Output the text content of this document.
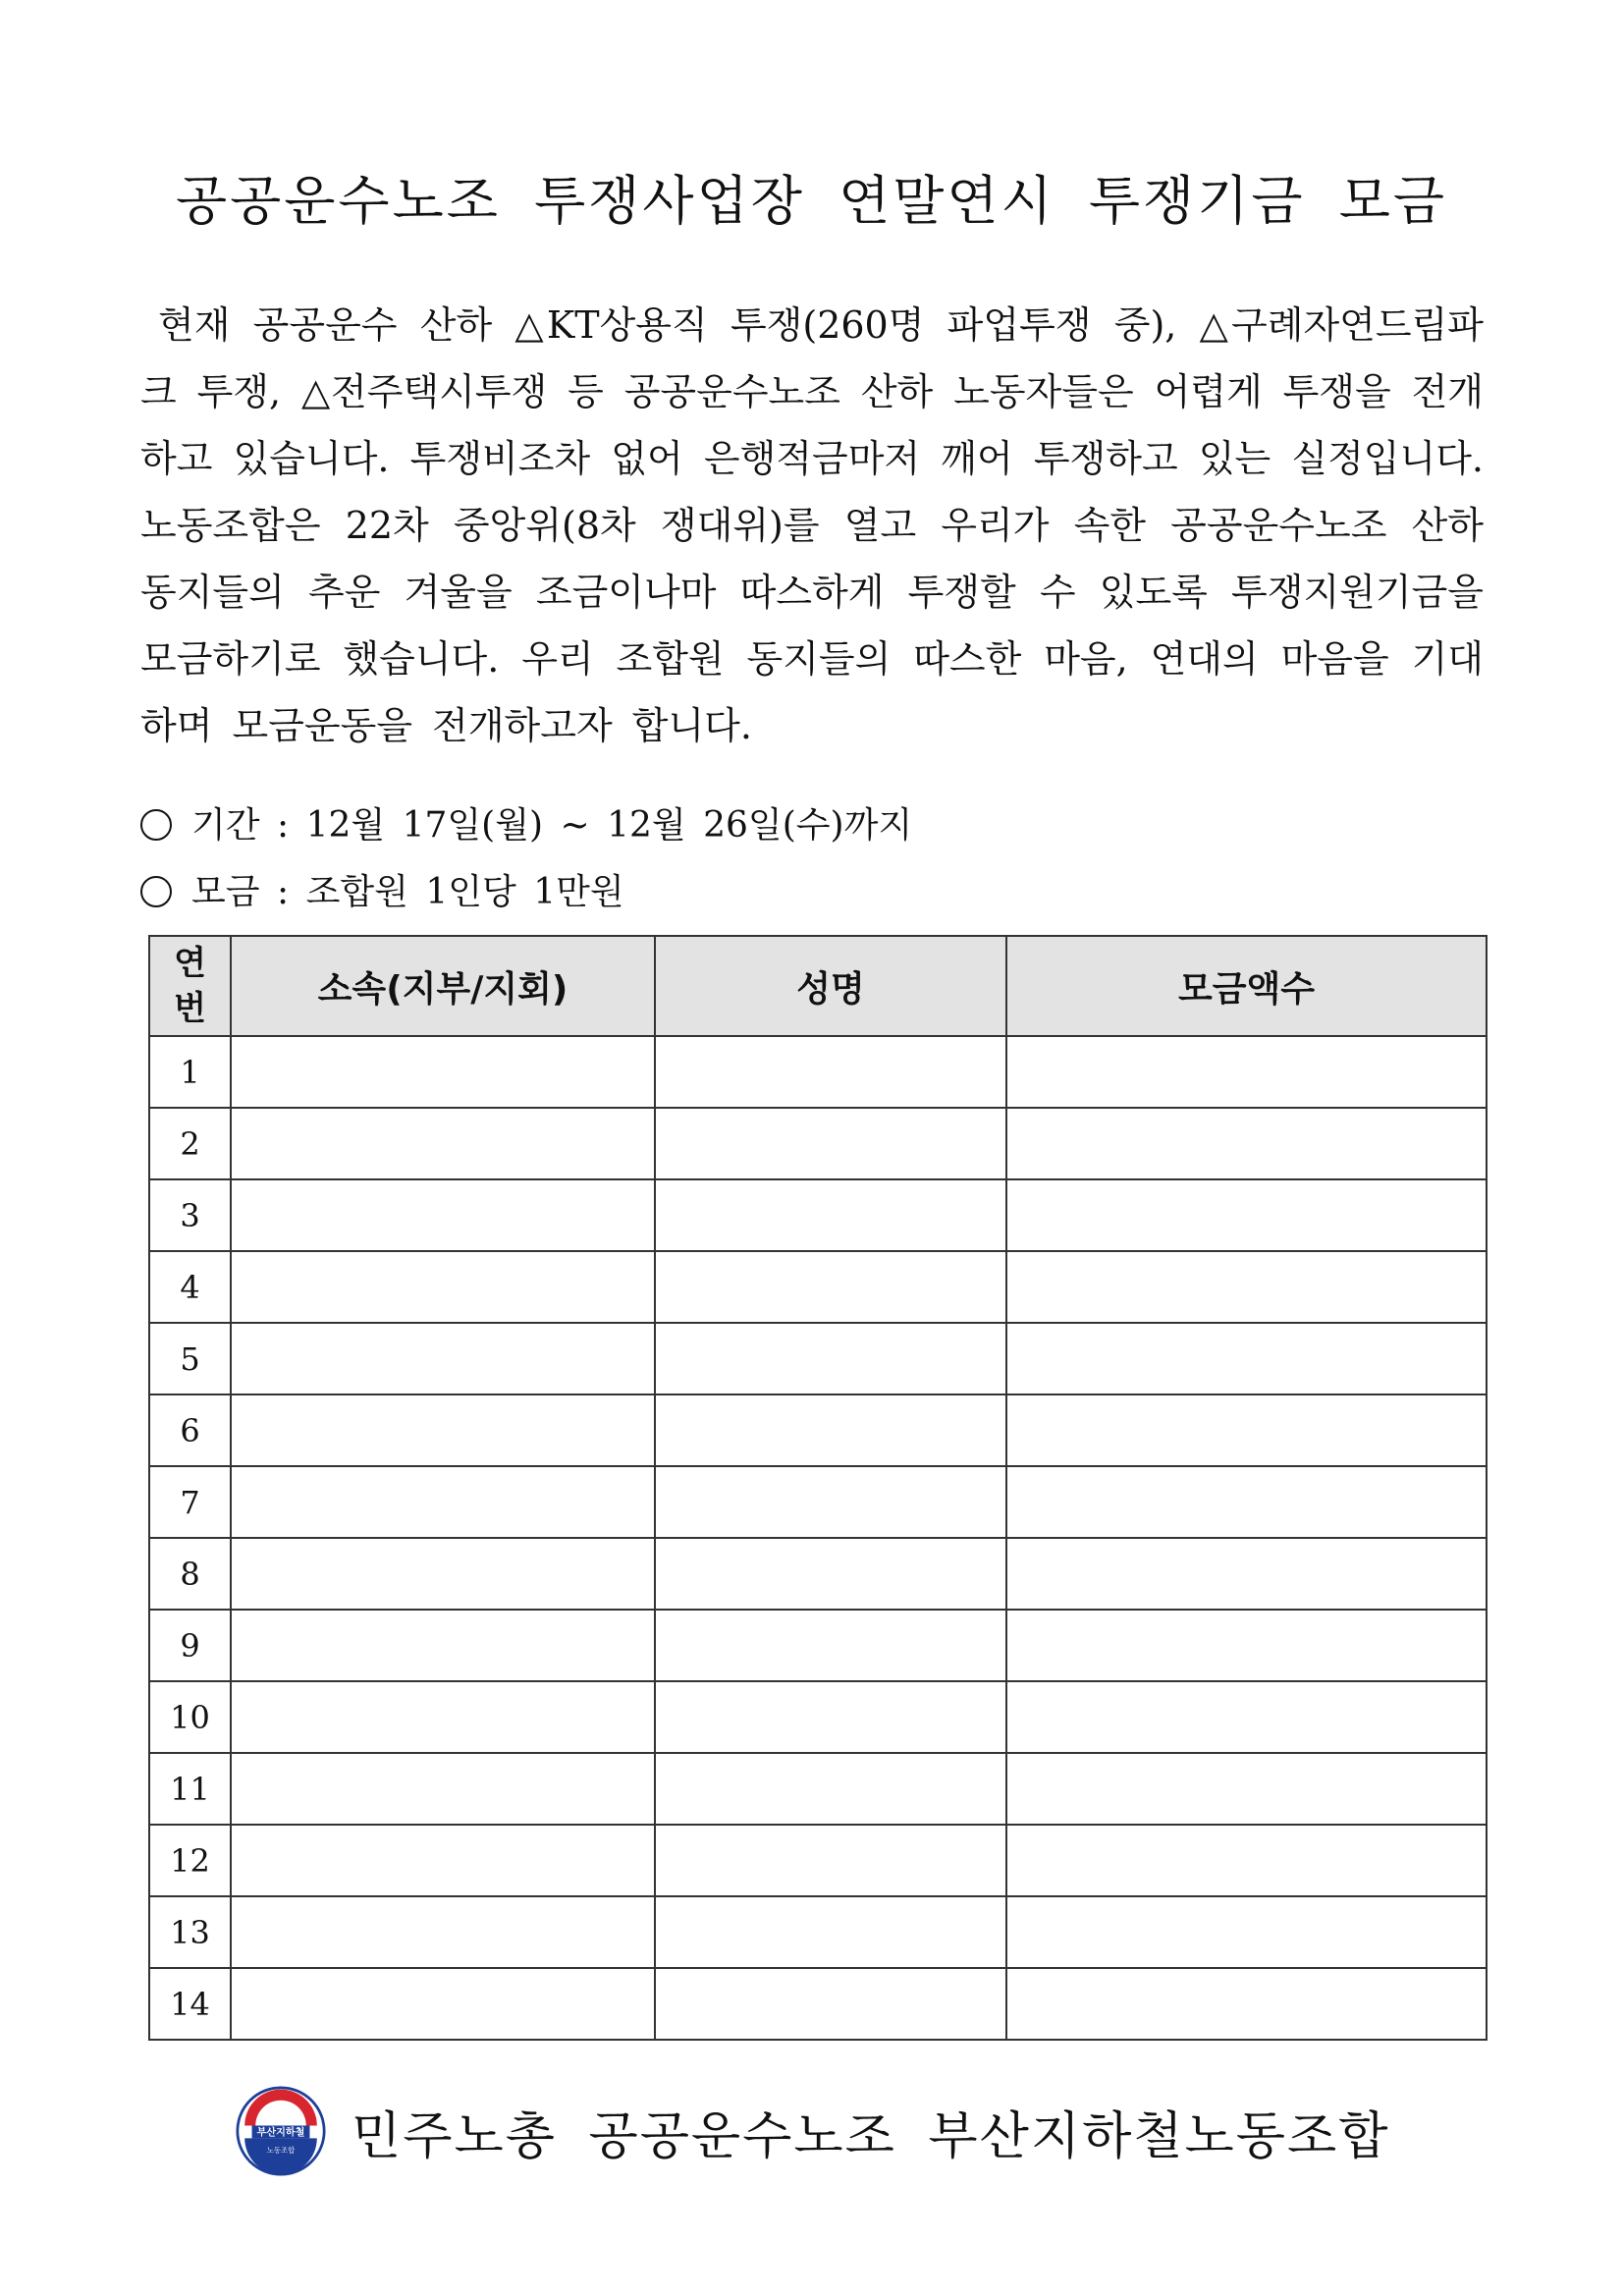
공공운수노조 투쟁사업장 연말연시 투쟁기금 모금

현재 공공운수 산하 △KT상용직 투쟁(260명 파업투쟁 중), △구례자연드림파크 투쟁, △전주택시투쟁 등 공공운수노조 산하 노동자들은 어렵게 투쟁을 전개하고 있습니다. 투쟁비조차 없어 은행적금마저 깨어 투쟁하고 있는 실정입니다. 노동조합은 22차 중앙위(8차 쟁대위)를 열고 우리가 속한 공공운수노조 산하 동지들의 추운 겨울을 조금이나마 따스하게 투쟁할 수 있도록 투쟁지원기금을 모금하기로 했습니다. 우리 조합원 동지들의 따스한 마음, 연대의 마음을 기대하며 모금운동을 전개하고자 합니다.

기간 : 12월 17일(월) ~ 12월 26일(수)까지
모금 : 조합원 1인당 1만원
연
번	소속(지부/지회)	성명	모금액수
1			
2			
3			
4			
5			
6			
7			
8			
9			
10			
11			
12			
13			
14			
부산지하철
노동조합 민주노총 공공운수노조 부산지하철노동조합
